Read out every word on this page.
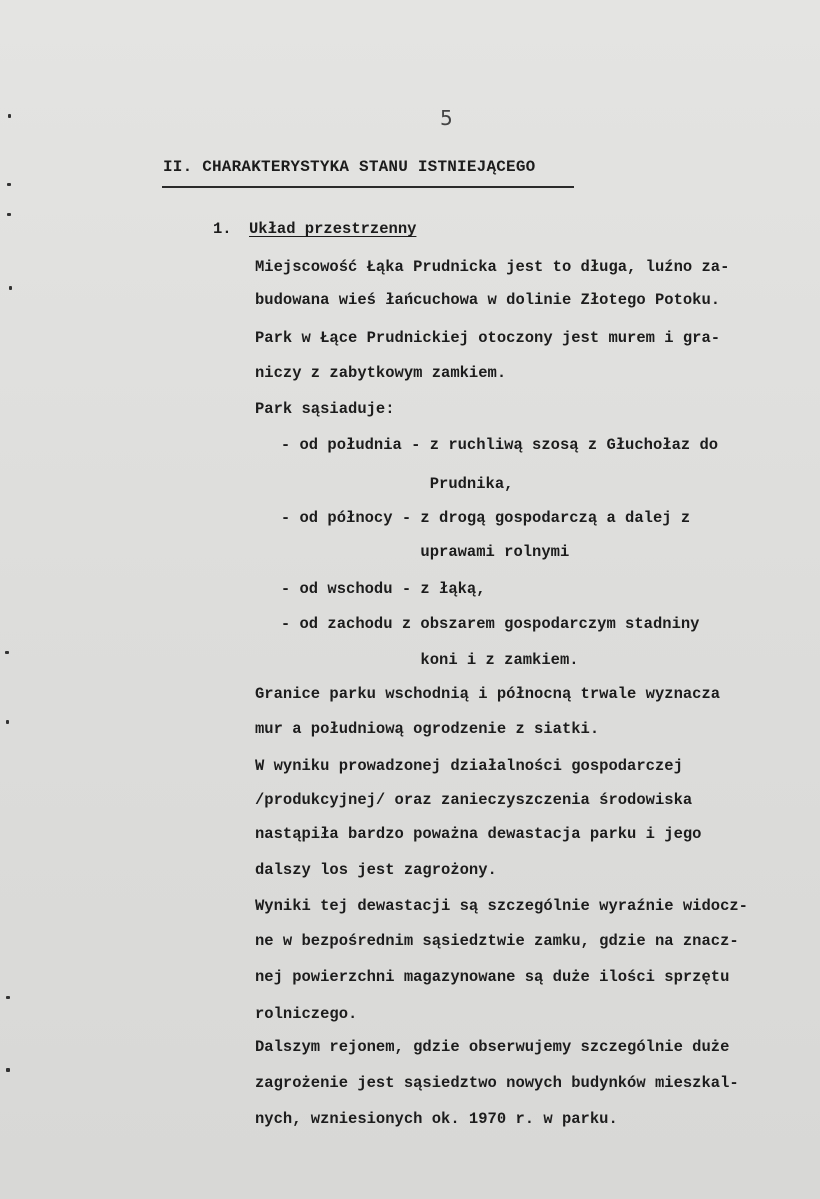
5
II. CHARAKTERYSTYKA STANU ISTNIEJĄCEGO
1. Układ przestrzenny
Miejscowość Łąka Prudnicka jest to długa, luźno za-
budowana wieś łańcuchowa w dolinie Złotego Potoku.
Park w Łące Prudnickiej otoczony jest murem i gra-
niczy z zabytkowym zamkiem.
Park sąsiaduje:
- od południa - z ruchliwą szosą z Głuchołaz do
Prudnika,
- od północy - z drogą gospodarczą a dalej z
uprawami rolnymi
- od wschodu - z łąką,
- od zachodu z obszarem gospodarczym stadniny
koni i z zamkiem.
Granice parku wschodnią i północną trwale wyznacza
mur a południową ogrodzenie z siatki.
W wyniku prowadzonej działalności gospodarczej
/produkcyjnej/ oraz zanieczyszczenia środowiska
nastąpiła bardzo poważna dewastacja parku i jego
dalszy los jest zagrożony.
Wyniki tej dewastacji są szczególnie wyraźnie widocz-
ne w bezpośrednim sąsiedztwie zamku, gdzie na znacz-
nej powierzchni magazynowane są duże ilości sprzętu
rolniczego.
Dalszym rejonem, gdzie obserwujemy szczególnie duże
zagrożenie jest sąsiedztwo nowych budynków mieszkal-
nych, wzniesionych ok. 1970 r. w parku.
